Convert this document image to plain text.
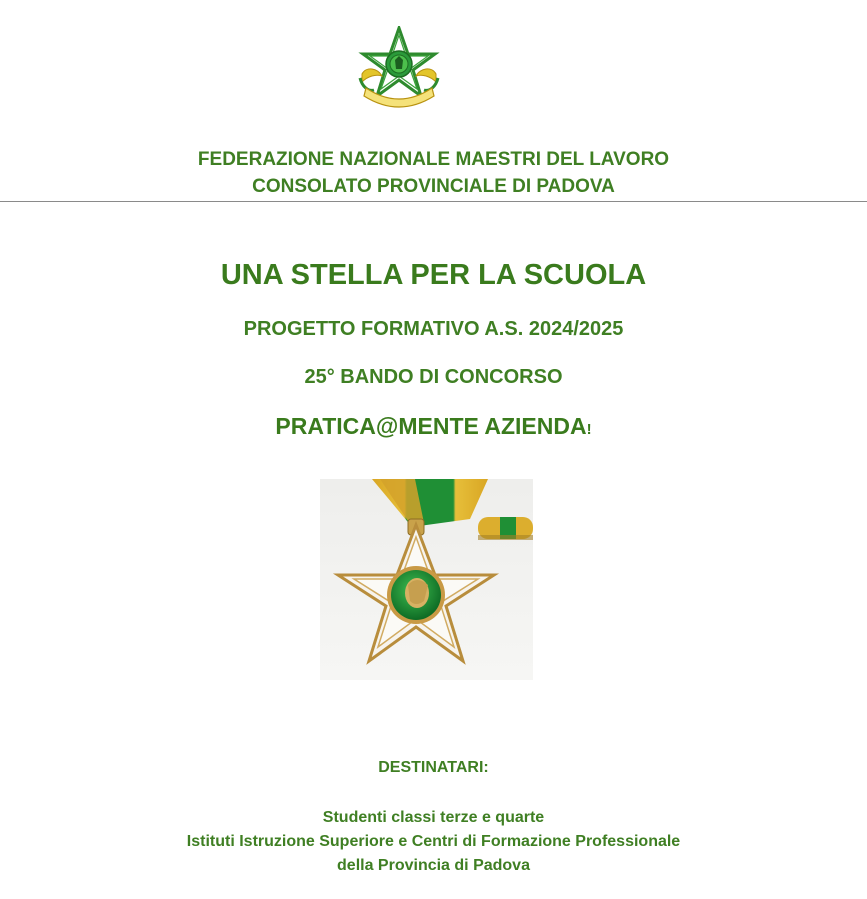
FEDERAZIONE NAZIONALE MAESTRI DEL LAVORO
CONSOLATO PROVINCIALE DI PADOVA
UNA STELLA PER LA SCUOLA
PROGETTO FORMATIVO A.S. 2024/2025
25° BANDO DI CONCORSO
PRATICA@MENTE AZIENDA!
DESTINATARI:
Studenti classi terze e quarte
Istituti Istruzione Superiore e Centri di Formazione Professionale
della Provincia di Padova
